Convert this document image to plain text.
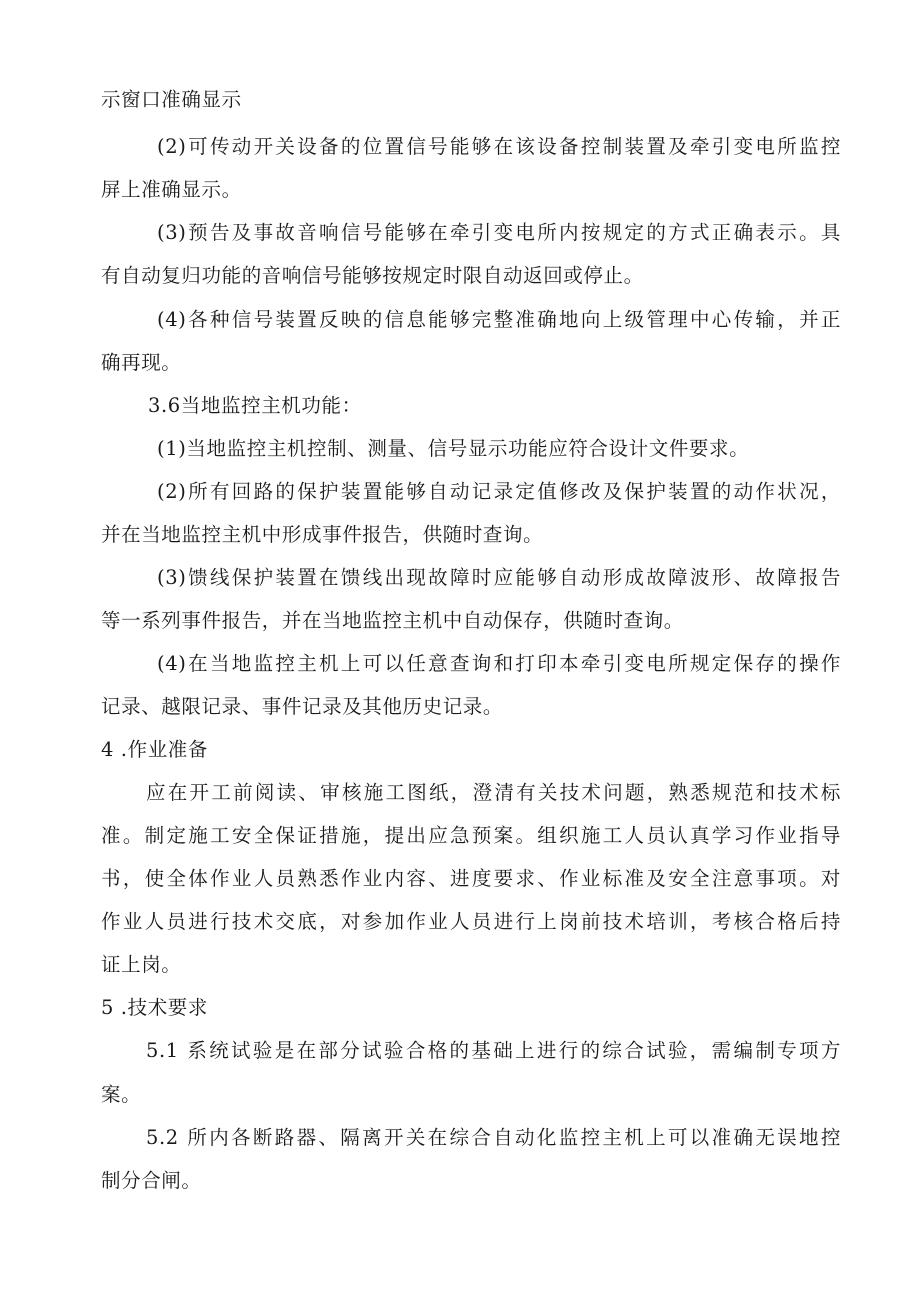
示窗口准确显示
(2)可传动开关设备的位置信号能够在该设备控制装置及牵引变电所监控
屏上准确显示。
(3)预告及事故音响信号能够在牵引变电所内按规定的方式正确表示。具
有自动复归功能的音响信号能够按规定时限自动返回或停止。
(4)各种信号装置反映的信息能够完整准确地向上级管理中心传输，并正
确再现。
3.6当地监控主机功能：
(1)当地监控主机控制、测量、信号显示功能应符合设计文件要求。
(2)所有回路的保护装置能够自动记录定值修改及保护装置的动作状况，
并在当地监控主机中形成事件报告，供随时查询。
(3)馈线保护装置在馈线出现故障时应能够自动形成故障波形、故障报告
等一系列事件报告，并在当地监控主机中自动保存，供随时查询。
(4)在当地监控主机上可以任意查询和打印本牵引变电所规定保存的操作
记录、越限记录、事件记录及其他历史记录。
4 .作业准备
应在开工前阅读、审核施工图纸，澄清有关技术问题，熟悉规范和技术标
准。制定施工安全保证措施，提出应急预案。组织施工人员认真学习作业指导
书，使全体作业人员熟悉作业内容、进度要求、作业标准及安全注意事项。对
作业人员进行技术交底，对参加作业人员进行上岗前技术培训，考核合格后持
证上岗。
5 .技术要求
5.1 系统试验是在部分试验合格的基础上进行的综合试验，需编制专项方
案。
5.2 所内各断路器、隔离开关在综合自动化监控主机上可以准确无误地控
制分合闸。
